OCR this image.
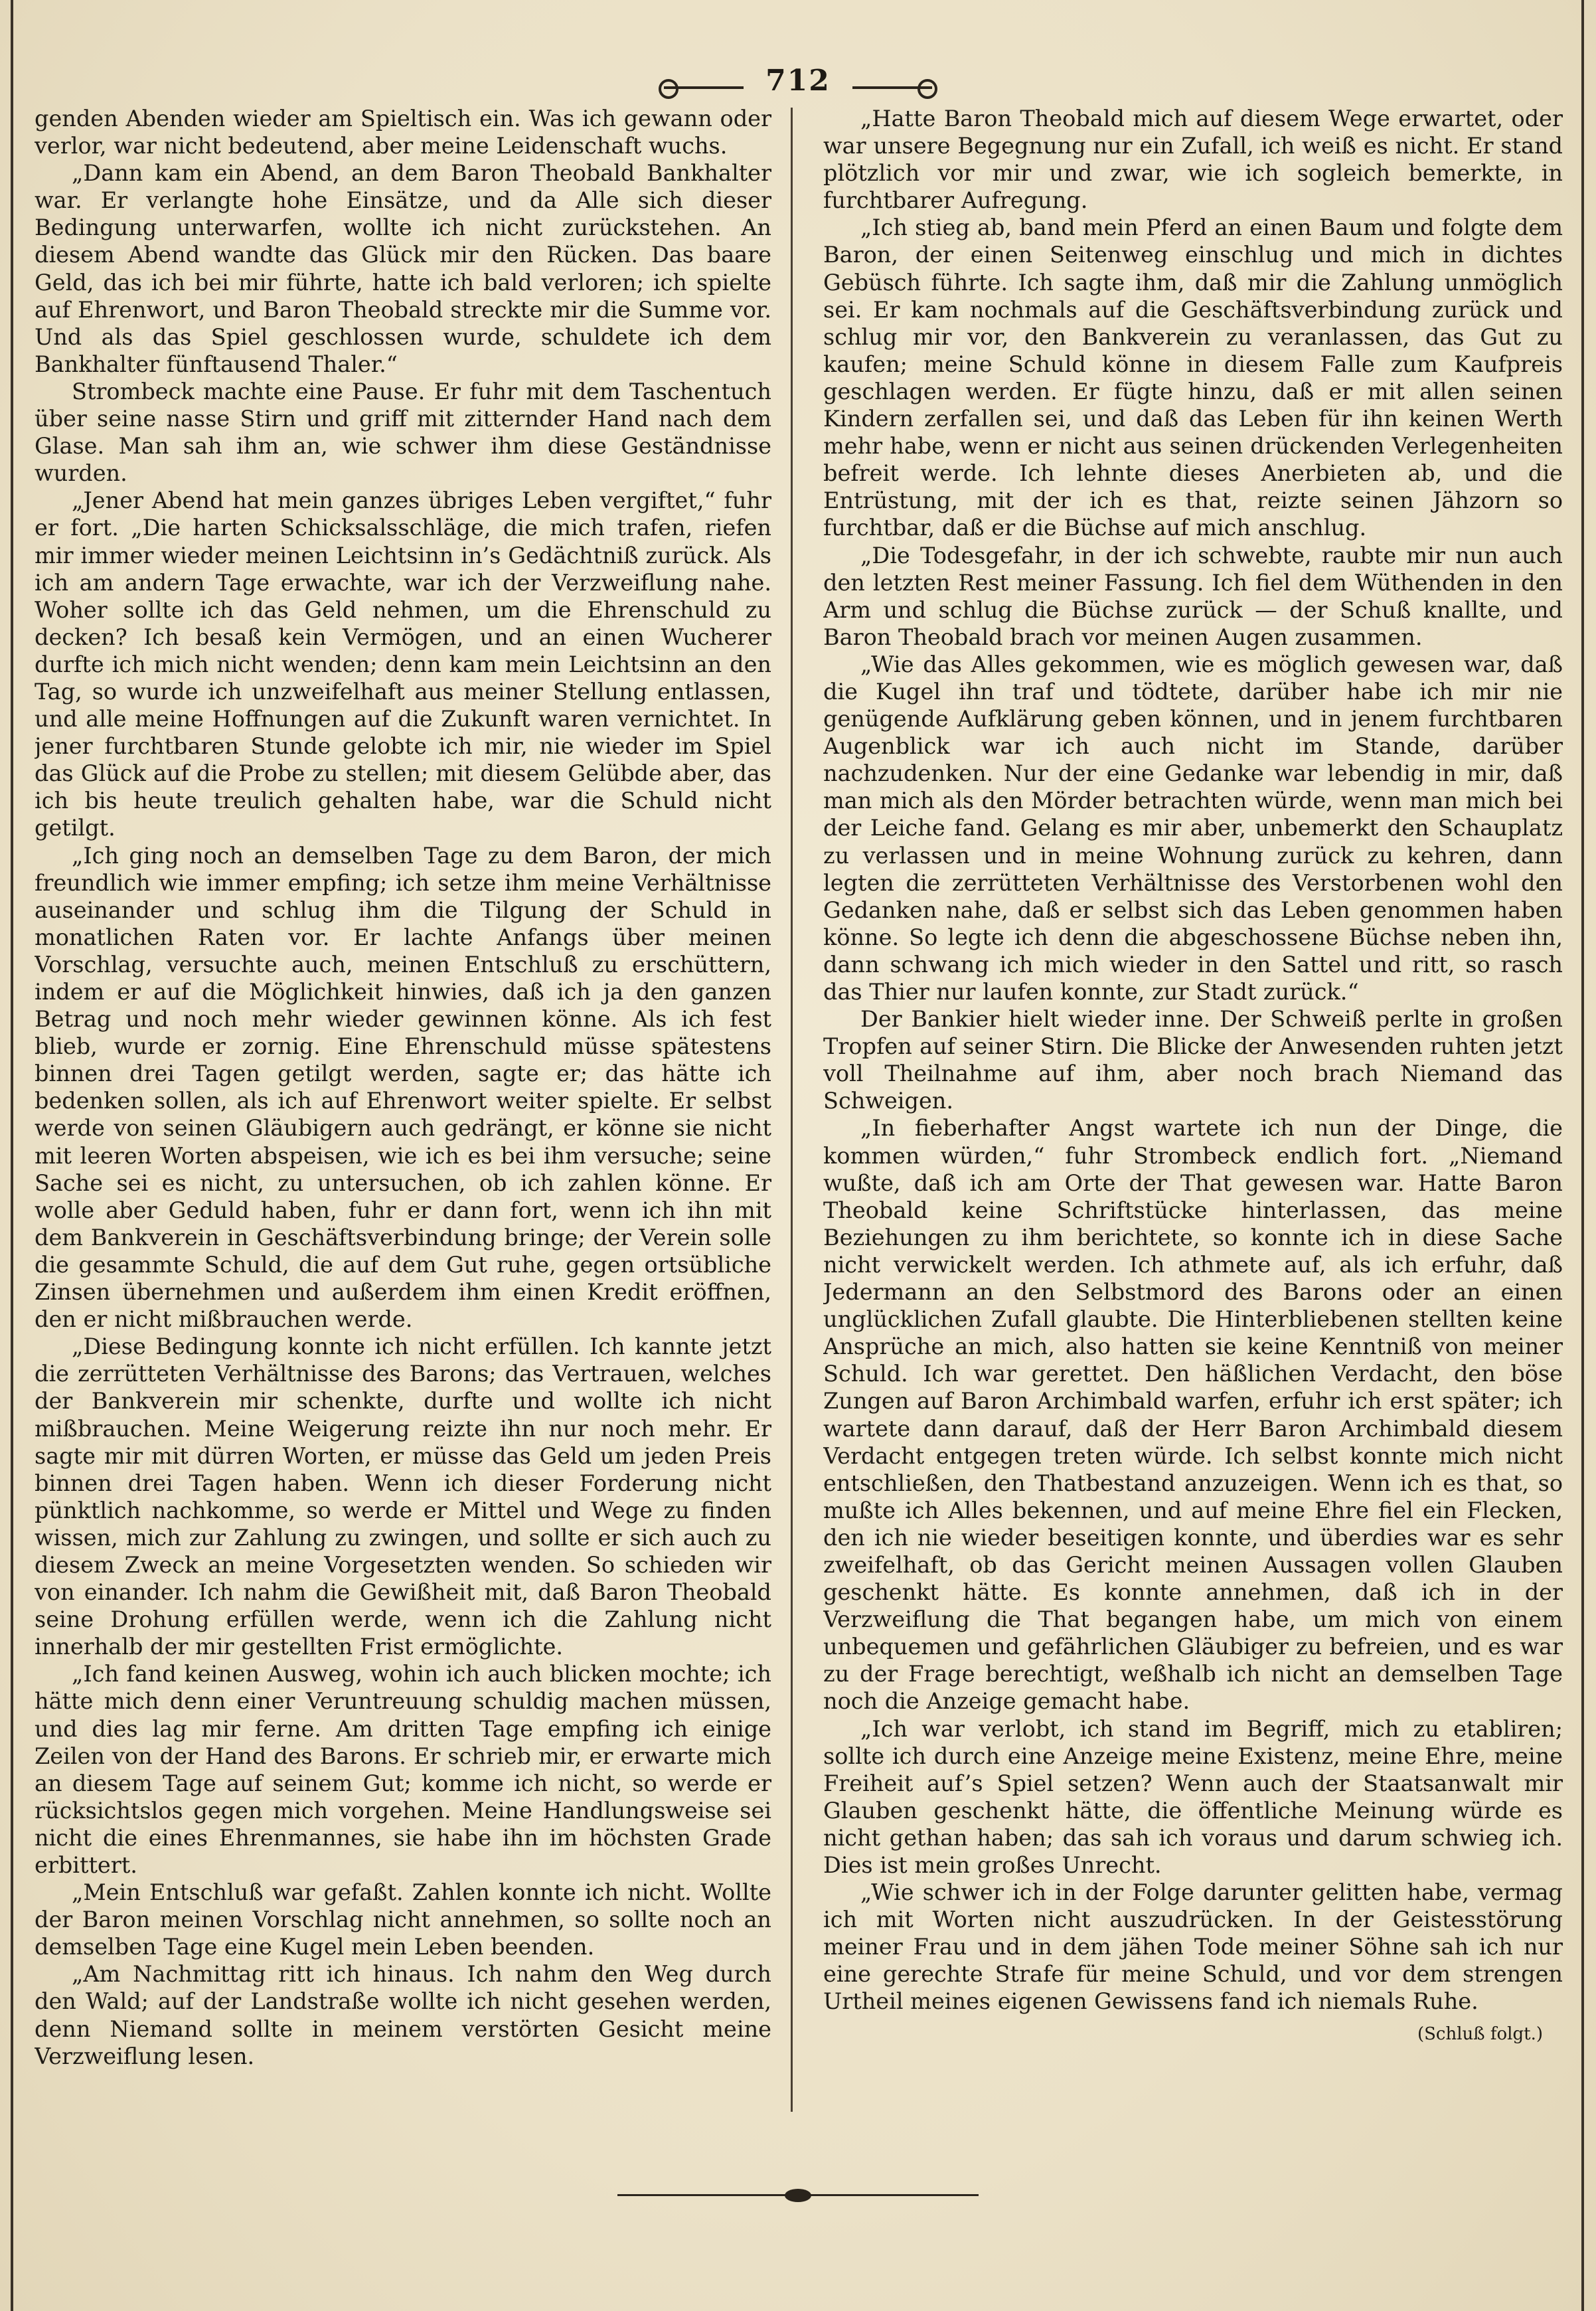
712

genden Abenden wieder am Spieltisch ein. Was ich gewann oder verlor, war nicht bedeutend, aber meine Leidenschaft wuchs.

„Dann kam ein Abend, an dem Baron Theobald Bankhalter war. Er verlangte hohe Einsätze, und da Alle sich dieser Bedingung unterwarfen, wollte ich nicht zurückstehen. An diesem Abend wandte das Glück mir den Rücken. Das baare Geld, das ich bei mir führte, hatte ich bald verloren; ich spielte auf Ehrenwort, und Baron Theobald streckte mir die Summe vor. Und als das Spiel geschlossen wurde, schuldete ich dem Bankhalter fünftausend Thaler.“

Strombeck machte eine Pause. Er fuhr mit dem Taschentuch über seine nasse Stirn und griff mit zitternder Hand nach dem Glase. Man sah ihm an, wie schwer ihm diese Geständnisse wurden.

„Jener Abend hat mein ganzes übriges Leben vergiftet,“ fuhr er fort. „Die harten Schicksalsschläge, die mich trafen, riefen mir immer wieder meinen Leichtsinn in’s Gedächtniß zurück. Als ich am andern Tage erwachte, war ich der Verzweiflung nahe. Woher sollte ich das Geld nehmen, um die Ehrenschuld zu decken? Ich besaß kein Vermögen, und an einen Wucherer durfte ich mich nicht wenden; denn kam mein Leichtsinn an den Tag, so wurde ich unzweifelhaft aus meiner Stellung entlassen, und alle meine Hoffnungen auf die Zukunft waren vernichtet. In jener furchtbaren Stunde gelobte ich mir, nie wieder im Spiel das Glück auf die Probe zu stellen; mit diesem Gelübde aber, das ich bis heute treulich gehalten habe, war die Schuld nicht getilgt.

„Ich ging noch an demselben Tage zu dem Baron, der mich freundlich wie immer empfing; ich setze ihm meine Verhältnisse auseinander und schlug ihm die Tilgung der Schuld in monatlichen Raten vor. Er lachte Anfangs über meinen Vorschlag, versuchte auch, meinen Entschluß zu erschüttern, indem er auf die Möglichkeit hinwies, daß ich ja den ganzen Betrag und noch mehr wieder gewinnen könne. Als ich fest blieb, wurde er zornig. Eine Ehrenschuld müsse spätestens binnen drei Tagen getilgt werden, sagte er; das hätte ich bedenken sollen, als ich auf Ehrenwort weiter spielte. Er selbst werde von seinen Gläubigern auch gedrängt, er könne sie nicht mit leeren Worten abspeisen, wie ich es bei ihm versuche; seine Sache sei es nicht, zu untersuchen, ob ich zahlen könne. Er wolle aber Geduld haben, fuhr er dann fort, wenn ich ihn mit dem Bankverein in Geschäftsverbindung bringe; der Verein solle die gesammte Schuld, die auf dem Gut ruhe, gegen ortsübliche Zinsen übernehmen und außerdem ihm einen Kredit eröffnen, den er nicht mißbrauchen werde.

„Diese Bedingung konnte ich nicht erfüllen. Ich kannte jetzt die zerrütteten Verhältnisse des Barons; das Vertrauen, welches der Bankverein mir schenkte, durfte und wollte ich nicht mißbrauchen. Meine Weigerung reizte ihn nur noch mehr. Er sagte mir mit dürren Worten, er müsse das Geld um jeden Preis binnen drei Tagen haben. Wenn ich dieser Forderung nicht pünktlich nachkomme, so werde er Mittel und Wege zu finden wissen, mich zur Zahlung zu zwingen, und sollte er sich auch zu diesem Zweck an meine Vorgesetzten wenden. So schieden wir von einander. Ich nahm die Gewißheit mit, daß Baron Theobald seine Drohung erfüllen werde, wenn ich die Zahlung nicht innerhalb der mir gestellten Frist ermöglichte.

„Ich fand keinen Ausweg, wohin ich auch blicken mochte; ich hätte mich denn einer Veruntreuung schuldig machen müssen, und dies lag mir ferne. Am dritten Tage empfing ich einige Zeilen von der Hand des Barons. Er schrieb mir, er erwarte mich an diesem Tage auf seinem Gut; komme ich nicht, so werde er rücksichtslos gegen mich vorgehen. Meine Handlungsweise sei nicht die eines Ehrenmannes, sie habe ihn im höchsten Grade erbittert.

„Mein Entschluß war gefaßt. Zahlen konnte ich nicht. Wollte der Baron meinen Vorschlag nicht annehmen, so sollte noch an demselben Tage eine Kugel mein Leben beenden.

„Am Nachmittag ritt ich hinaus. Ich nahm den Weg durch den Wald; auf der Landstraße wollte ich nicht gesehen werden, denn Niemand sollte in meinem verstörten Gesicht meine Verzweiflung lesen.

„Hatte Baron Theobald mich auf diesem Wege erwartet, oder war unsere Begegnung nur ein Zufall, ich weiß es nicht. Er stand plötzlich vor mir und zwar, wie ich sogleich bemerkte, in furchtbarer Aufregung.

„Ich stieg ab, band mein Pferd an einen Baum und folgte dem Baron, der einen Seitenweg einschlug und mich in dichtes Gebüsch führte. Ich sagte ihm, daß mir die Zahlung unmöglich sei. Er kam nochmals auf die Geschäftsverbindung zurück und schlug mir vor, den Bankverein zu veranlassen, das Gut zu kaufen; meine Schuld könne in diesem Falle zum Kaufpreis geschlagen werden. Er fügte hinzu, daß er mit allen seinen Kindern zerfallen sei, und daß das Leben für ihn keinen Werth mehr habe, wenn er nicht aus seinen drückenden Verlegenheiten befreit werde. Ich lehnte dieses Anerbieten ab, und die Entrüstung, mit der ich es that, reizte seinen Jähzorn so furchtbar, daß er die Büchse auf mich anschlug.

„Die Todesgefahr, in der ich schwebte, raubte mir nun auch den letzten Rest meiner Fassung. Ich fiel dem Wüthenden in den Arm und schlug die Büchse zurück — der Schuß knallte, und Baron Theobald brach vor meinen Augen zusammen.

„Wie das Alles gekommen, wie es möglich gewesen war, daß die Kugel ihn traf und tödtete, darüber habe ich mir nie genügende Aufklärung geben können, und in jenem furchtbaren Augenblick war ich auch nicht im Stande, darüber nachzudenken. Nur der eine Gedanke war lebendig in mir, daß man mich als den Mörder betrachten würde, wenn man mich bei der Leiche fand. Gelang es mir aber, unbemerkt den Schauplatz zu verlassen und in meine Wohnung zurück zu kehren, dann legten die zerrütteten Verhältnisse des Verstorbenen wohl den Gedanken nahe, daß er selbst sich das Leben genommen haben könne. So legte ich denn die abgeschossene Büchse neben ihn, dann schwang ich mich wieder in den Sattel und ritt, so rasch das Thier nur laufen konnte, zur Stadt zurück.“

Der Bankier hielt wieder inne. Der Schweiß perlte in großen Tropfen auf seiner Stirn. Die Blicke der Anwesenden ruhten jetzt voll Theilnahme auf ihm, aber noch brach Niemand das Schweigen.

„In fieberhafter Angst wartete ich nun der Dinge, die kommen würden,“ fuhr Strombeck endlich fort. „Niemand wußte, daß ich am Orte der That gewesen war. Hatte Baron Theobald keine Schriftstücke hinterlassen, das meine Beziehungen zu ihm berichtete, so konnte ich in diese Sache nicht verwickelt werden. Ich athmete auf, als ich erfuhr, daß Jedermann an den Selbstmord des Barons oder an einen unglücklichen Zufall glaubte. Die Hinterbliebenen stellten keine Ansprüche an mich, also hatten sie keine Kenntniß von meiner Schuld. Ich war gerettet. Den häßlichen Verdacht, den böse Zungen auf Baron Archimbald warfen, erfuhr ich erst später; ich wartete dann darauf, daß der Herr Baron Archimbald diesem Verdacht entgegen treten würde. Ich selbst konnte mich nicht entschließen, den Thatbestand anzuzeigen. Wenn ich es that, so mußte ich Alles bekennen, und auf meine Ehre fiel ein Flecken, den ich nie wieder beseitigen konnte, und überdies war es sehr zweifelhaft, ob das Gericht meinen Aussagen vollen Glauben geschenkt hätte. Es konnte annehmen, daß ich in der Verzweiflung die That begangen habe, um mich von einem unbequemen und gefährlichen Gläubiger zu befreien, und es war zu der Frage berechtigt, weßhalb ich nicht an demselben Tage noch die Anzeige gemacht habe.

„Ich war verlobt, ich stand im Begriff, mich zu etabliren; sollte ich durch eine Anzeige meine Existenz, meine Ehre, meine Freiheit auf’s Spiel setzen? Wenn auch der Staatsanwalt mir Glauben geschenkt hätte, die öffentliche Meinung würde es nicht gethan haben; das sah ich voraus und darum schwieg ich. Dies ist mein großes Unrecht.

„Wie schwer ich in der Folge darunter gelitten habe, vermag ich mit Worten nicht auszudrücken. In der Geistesstörung meiner Frau und in dem jähen Tode meiner Söhne sah ich nur eine gerechte Strafe für meine Schuld, und vor dem strengen Urtheil meines eigenen Gewissens fand ich niemals Ruhe.

(Schluß folgt.)
